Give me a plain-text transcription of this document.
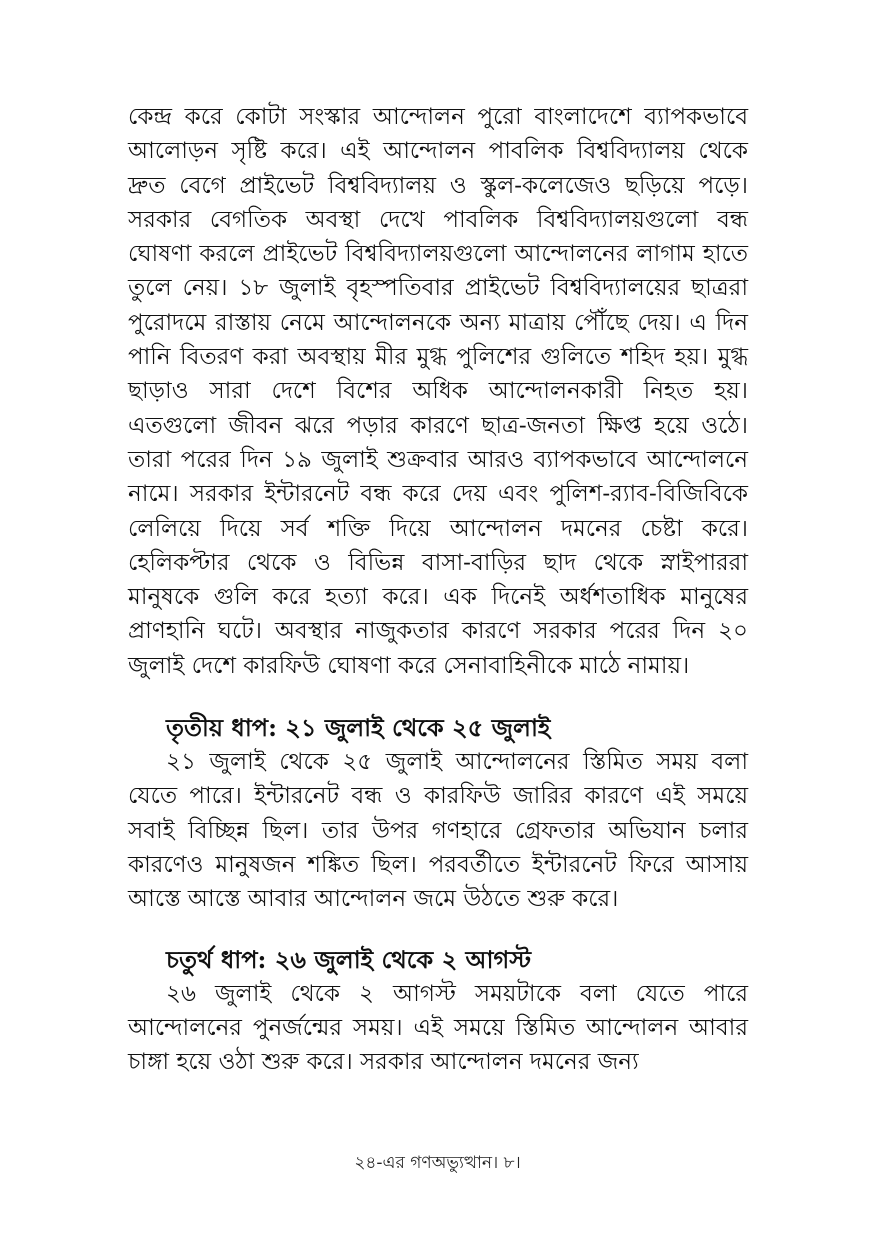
কেন্দ্র করে কোটা সংস্কার আন্দোলন পুরো বাংলাদেশে ব্যাপকভাবে আলোড়ন সৃষ্টি করে। এই আন্দোলন পাবলিক বিশ্ববিদ্যালয় থেকে দ্রুত বেগে প্রাইভেট বিশ্ববিদ্যালয় ও স্কুল-কলেজেও ছড়িয়ে পড়ে। সরকার বেগতিক অবস্থা দেখে পাবলিক বিশ্ববিদ্যালয়গুলো বন্ধ ঘোষণা করলে প্রাইভেট বিশ্ববিদ্যালয়গুলো আন্দোলনের লাগাম হাতে তুলে নেয়। ১৮ জুলাই বৃহস্পতিবার প্রাইভেট বিশ্ববিদ্যালয়ের ছাত্ররা পুরোদমে রাস্তায় নেমে আন্দোলনকে অন্য মাত্রায় পৌঁছে দেয়। এ দিন পানি বিতরণ করা অবস্থায় মীর মুগ্ধ পুলিশের গুলিতে শহিদ হয়। মুগ্ধ ছাড়াও সারা দেশে বিশের অধিক আন্দোলনকারী নিহত হয়। এতগুলো জীবন ঝরে পড়ার কারণে ছাত্র-জনতা ক্ষিপ্ত হয়ে ওঠে। তারা পরের দিন ১৯ জুলাই শুক্রবার আরও ব্যাপকভাবে আন্দোলনে নামে। সরকার ইন্টারনেট বন্ধ করে দেয় এবং পুলিশ-র‍্যাব-বিজিবিকে লেলিয়ে দিয়ে সর্ব শক্তি দিয়ে আন্দোলন দমনের চেষ্টা করে। হেলিকপ্টার থেকে ও বিভিন্ন বাসা-বাড়ির ছাদ থেকে স্নাইপাররা মানুষকে গুলি করে হত্যা করে। এক দিনেই অর্ধশতাধিক মানুষের প্রাণহানি ঘটে। অবস্থার নাজুকতার কারণে সরকার পরের দিন ২০ জুলাই দেশে কারফিউ ঘোষণা করে সেনাবাহিনীকে মাঠে নামায়।

তৃতীয় ধাপ: ২১ জুলাই থেকে ২৫ জুলাই

২১ জুলাই থেকে ২৫ জুলাই আন্দোলনের স্তিমিত সময় বলা যেতে পারে। ইন্টারনেট বন্ধ ও কারফিউ জারির কারণে এই সময়ে সবাই বিচ্ছিন্ন ছিল। তার উপর গণহারে গ্রেফতার অভিযান চলার কারণেও মানুষজন শঙ্কিত ছিল। পরবর্তীতে ইন্টারনেট ফিরে আসায় আস্তে আস্তে আবার আন্দোলন জমে উঠতে শুরু করে।

চতুর্থ ধাপ: ২৬ জুলাই থেকে ২ আগস্ট

২৬ জুলাই থেকে ২ আগস্ট সময়টাকে বলা যেতে পারে আন্দোলনের পুনর্জন্মের সময়। এই সময়ে স্তিমিত আন্দোলন আবার চাঙ্গা হয়ে ওঠা শুরু করে। সরকার আন্দোলন দমনের জন্য

২৪-এর গণঅভ্যুত্থান। ৮।
